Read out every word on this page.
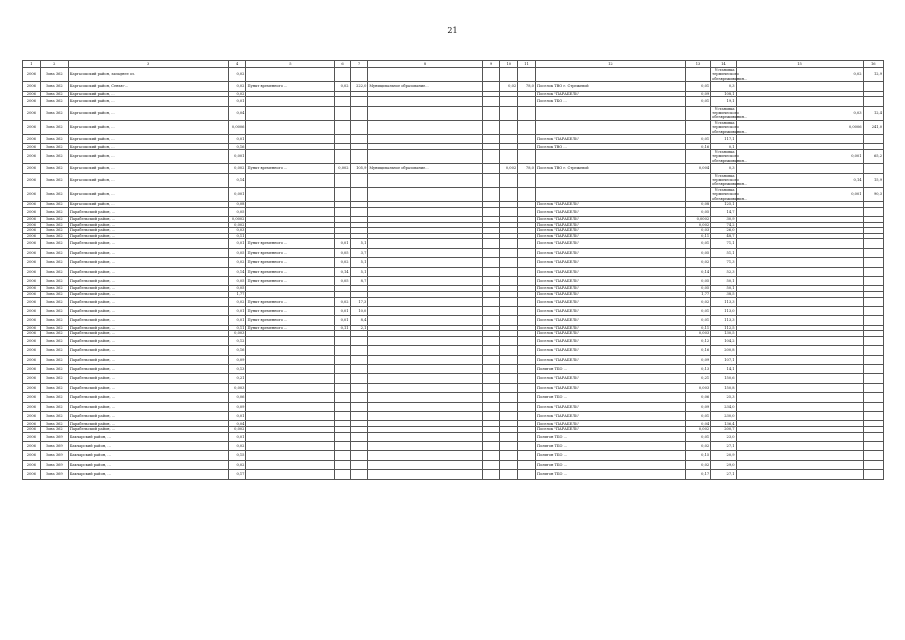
21
1	2	3	4	5	6	7	8	9	10	11	12	13	14	15	16
2006	Зона 362	Каргасокский район, западнее оз.	0,02										Установка термического обезвреживания...	0,02	12,9
2006	Зона 362	Каргасокский район, Сенью-...	0,02	Пункт временного ...	0,02	222,0	Муниципальное образование...		0,02	78,0	Поселок ТВО г. Стрежевой	0,01	0,3		
2006	Зона 362	Каргасокский район, ...	0,02								Поселок "ПАРАБЕЛЬ"	0,09	108,1		
2006	Зона 362	Каргасокский район, ...	0,01								Поселок ТБО ...	0,01	19,1		
2006	Зона 362	Каргасокский район, ...	0,04										Установка термического обезвреживания...	0,03	12,4
2006	Зона 362	Каргасокский район, ...	0,0006										Установка термического обезвреживания...	0,0006	241,0
2006	Зона 362	Каргасокский район, ...	0,01								Поселок "ПАРАБЕЛЬ"	0,01	117,1		
2006	Зона 362	Каргасокский район, ...	0,16								Поселок ТВО ...	0,16	0,1		
2006	Зона 362	Каргасокский район, ...	0,001										Установка термического обезвреживания...	0,001	65,2
2006	Зона 362	Каргасокский район, ...	0,002	Пункт временного ...	0,002	105,9	Муниципальное образование...		0,002	78,0	Поселок ТВО г. Стрежевой	0,004	0,3		
2006	Зона 362	Каргасокский район, ...	0,14										Установка термического обезвреживания...	0,14	15,9
2006	Зона 362	Каргасокский район, ...	0,001										Установка термического обезвреживания...	0,001	90,3
2006	Зона 362	Каргасокский район, ...	0,08								Поселок "ПАРАБЕЛЬ"	0,08	125,1		
2006	Зона 362	Парабельский район, ...	0,05								Поселок "ПАРАБЕЛЬ"	0,05	14,7		
2006	Зона 362	Парабельский район, ...	0,0002								Поселок "ПАРАБЕЛЬ"	0,0002	30,9		
2006	Зона 362	Парабельский район, ...	0,002								Поселок "ПАРАБЕЛЬ"	0,002	74,2		
2006	Зона 362	Парабельский район, ...	0,03								Поселок "ПАРАБЕЛЬ"	0,03	26,0		
2006	Зона 362	Парабельский район, ...	0,11								Поселок "ПАРАБЕЛЬ"	0,11	48,7		
2006	Зона 362	Парабельский район, ...	0,01	Пункт временного ...	0,01	5,1					Поселок "ПАРАБЕЛЬ"	0,01	71,1		
2006	Зона 362	Парабельский район, ...	0,05	Пункт временного ...	0,05	3,7					Поселок "ПАРАБЕЛЬ"	0,05	51,1		
2006	Зона 362	Парабельский район, ...	0,02	Пункт временного ...	0,02	5,1					Поселок "ПАРАБЕЛЬ"	0,02	71,3		
2006	Зона 362	Парабельский район, ...	0,14	Пункт временного ...	0,14	5,1					Поселок "ПАРАБЕЛЬ"	0,14	52,3		
2006	Зона 362	Парабельский район, ...	0,05	Пункт временного ...	0,05	8,7					Поселок "ПАРАБЕЛЬ"	0,05	50,1		
2006	Зона 362	Парабельский район, ...	0,05								Поселок "ПАРАБЕЛЬ"	0,05	50,1		
2006	Зона 362	Парабельский район, ...	1,77								Поселок "ПАРАБЕЛЬ"	1,77	38,5		
2006	Зона 362	Парабельский район, ...	0,02	Пункт временного ...	0,02	17,3					Поселок "ПАРАБЕЛЬ"	0,02	113,3		
2006	Зона 362	Парабельский район, ...	0,01	Пункт временного ...	0,01	10,0					Поселок "ПАРАБЕЛЬ"	0,01	113,0		
2006	Зона 362	Парабельский район, ...	0,01	Пункт временного ...	0,01	8,4					Поселок "ПАРАБЕЛЬ"	0,01	113,3		
2006	Зона 362	Парабельский район, ...	0,11	Пункт временного ...	0,11	2,1					Поселок "ПАРАБЕЛЬ"	0,11	112,5		
2006	Зона 362	Парабельский район, ...	0,003								Поселок "ПАРАБЕЛЬ"	0,003	130,5		
2006	Зона 362	Парабельский район, ...	0,12								Поселок "ПАРАБЕЛЬ"	0,12	104,2		
2006	Зона 362	Парабельский район, ...	0,16								Поселок "ПАРАБЕЛЬ"	0,16	200,8		
2006	Зона 362	Парабельский район, ...	0,09								Поселок "ПАРАБЕЛЬ"	0,09	107,1		
2006	Зона 362	Парабельский район, ...	0,13								Полигон ТБО ...	0,13	14,1		
2006	Зона 362	Парабельский район, ...	0,21								Поселок "ПАРАБЕЛЬ"	0,21	150,6		
2006	Зона 362	Парабельский район, ...	0,003								Поселок "ПАРАБЕЛЬ"	0,003	150,8		
2006	Зона 362	Парабельский район, ...	0,06								Полигон ТБО ...	0,06	25,3		
2006	Зона 362	Парабельский район, ...	0,09								Поселок "ПАРАБЕЛЬ"	0,09	234,0		
2006	Зона 362	Парабельский район, ...	0,01								Поселок "ПАРАБЕЛЬ"	0,01	230,0		
2006	Зона 362	Парабельский район, ...	0,04								Поселок "ПАРАБЕЛЬ"	0,04	136,4		
2006	Зона 362	Парабельский район, ...	0,002								Поселок "ПАРАБЕЛЬ"	0,002	200,7		
2006	Зона 369	Бакчарский район, ...	0,01								Полигон ТБО ...	0,01	23,0		
2006	Зона 369	Бакчарский район, ...	0,02								Полигон ТБО ...	0,02	27,1		
2006	Зона 369	Бакчарский район, ...	0,15								Полигон ТБО ...	0,15	20,9		
2006	Зона 369	Бакчарский район, ...	0,02								Полигон ТБО ...	0,02	29,0		
2006	Зона 369	Бакчарский район, ...	0,17								Полигон ТБО ...	0,17	27,1		
